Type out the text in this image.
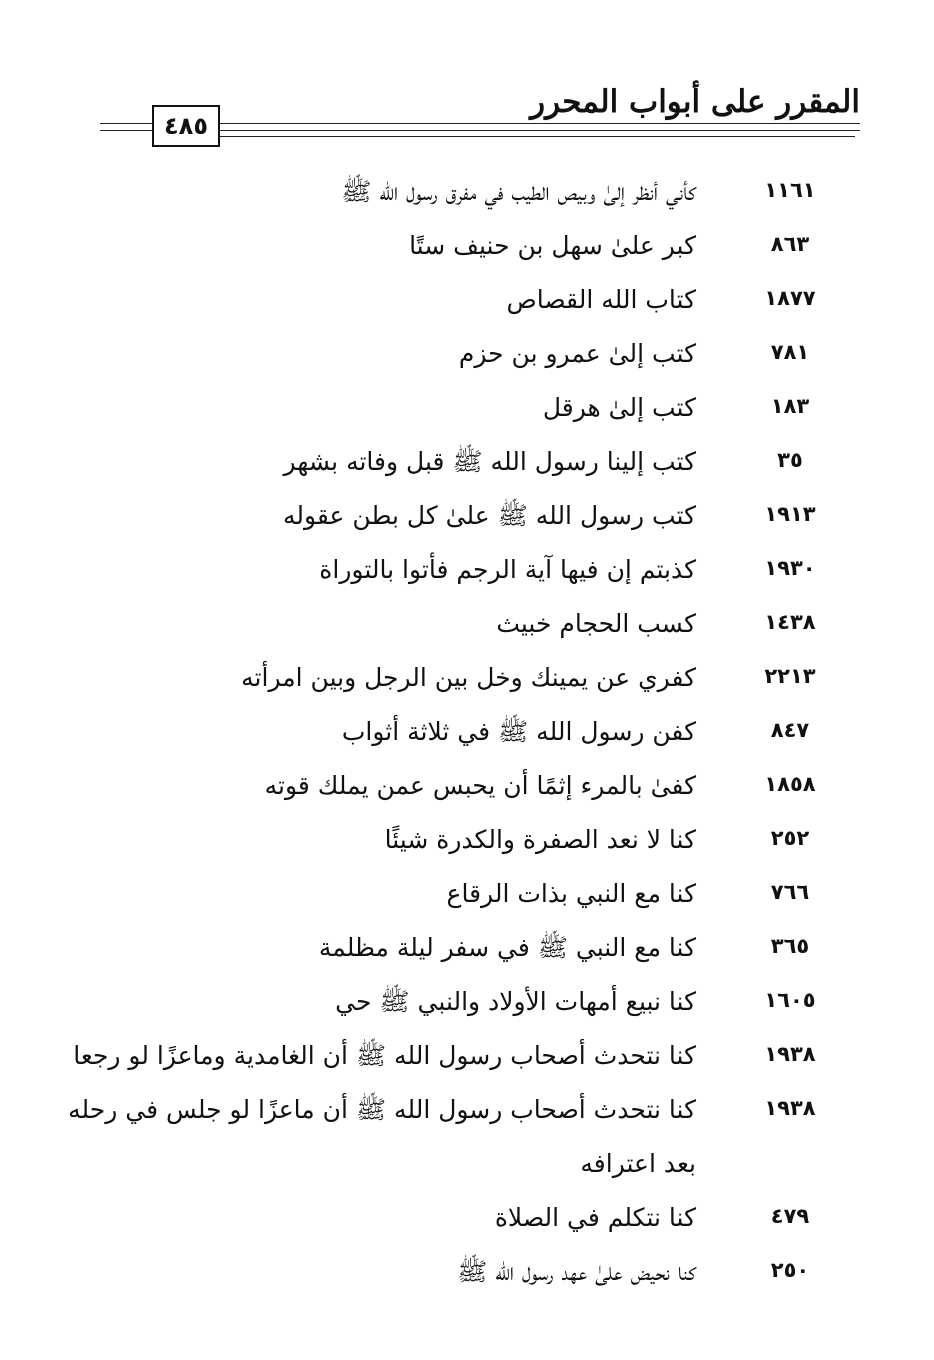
المقرر على أبواب المحرر
٤٨٥
١١٦١
كأني أنظر إلىٰ وبيص الطيب في مفرق رسول الله ﷺ
٨٦٣
كبر علىٰ سهل بن حنيف ستًا
١٨٧٧
كتاب الله القصاص
٧٨١
كتب إلىٰ عمرو بن حزم
١٨٣
كتب إلىٰ هرقل
٣٥
كتب إلينا رسول الله ﷺ قبل وفاته بشهر
١٩١٣
كتب رسول الله ﷺ علىٰ كل بطن عقوله
١٩٣٠
كذبتم إن فيها آية الرجم فأتوا بالتوراة
١٤٣٨
كسب الحجام خبيث
٢٢١٣
كفري عن يمينك وخل بين الرجل وبين امرأته
٨٤٧
كفن رسول الله ﷺ في ثلاثة أثواب
١٨٥٨
كفىٰ بالمرء إثمًا أن يحبس عمن يملك قوته
٢٥٢
كنا لا نعد الصفرة والكدرة شيئًا
٧٦٦
كنا مع النبي بذات الرقاع
٣٦٥
كنا مع النبي ﷺ في سفر ليلة مظلمة
١٦٠٥
كنا نبيع أمهات الأولاد والنبي ﷺ حي
١٩٣٨
كنا نتحدث أصحاب رسول الله ﷺ أن الغامدية وماعزًا لو رجعا
١٩٣٨
كنا نتحدث أصحاب رسول الله ﷺ أن ماعزًا لو جلس في رحله
بعد اعترافه
٤٧٩
كنا نتكلم في الصلاة
٢٥٠
كنا نحيض علىٰ عهد رسول الله ﷺ
